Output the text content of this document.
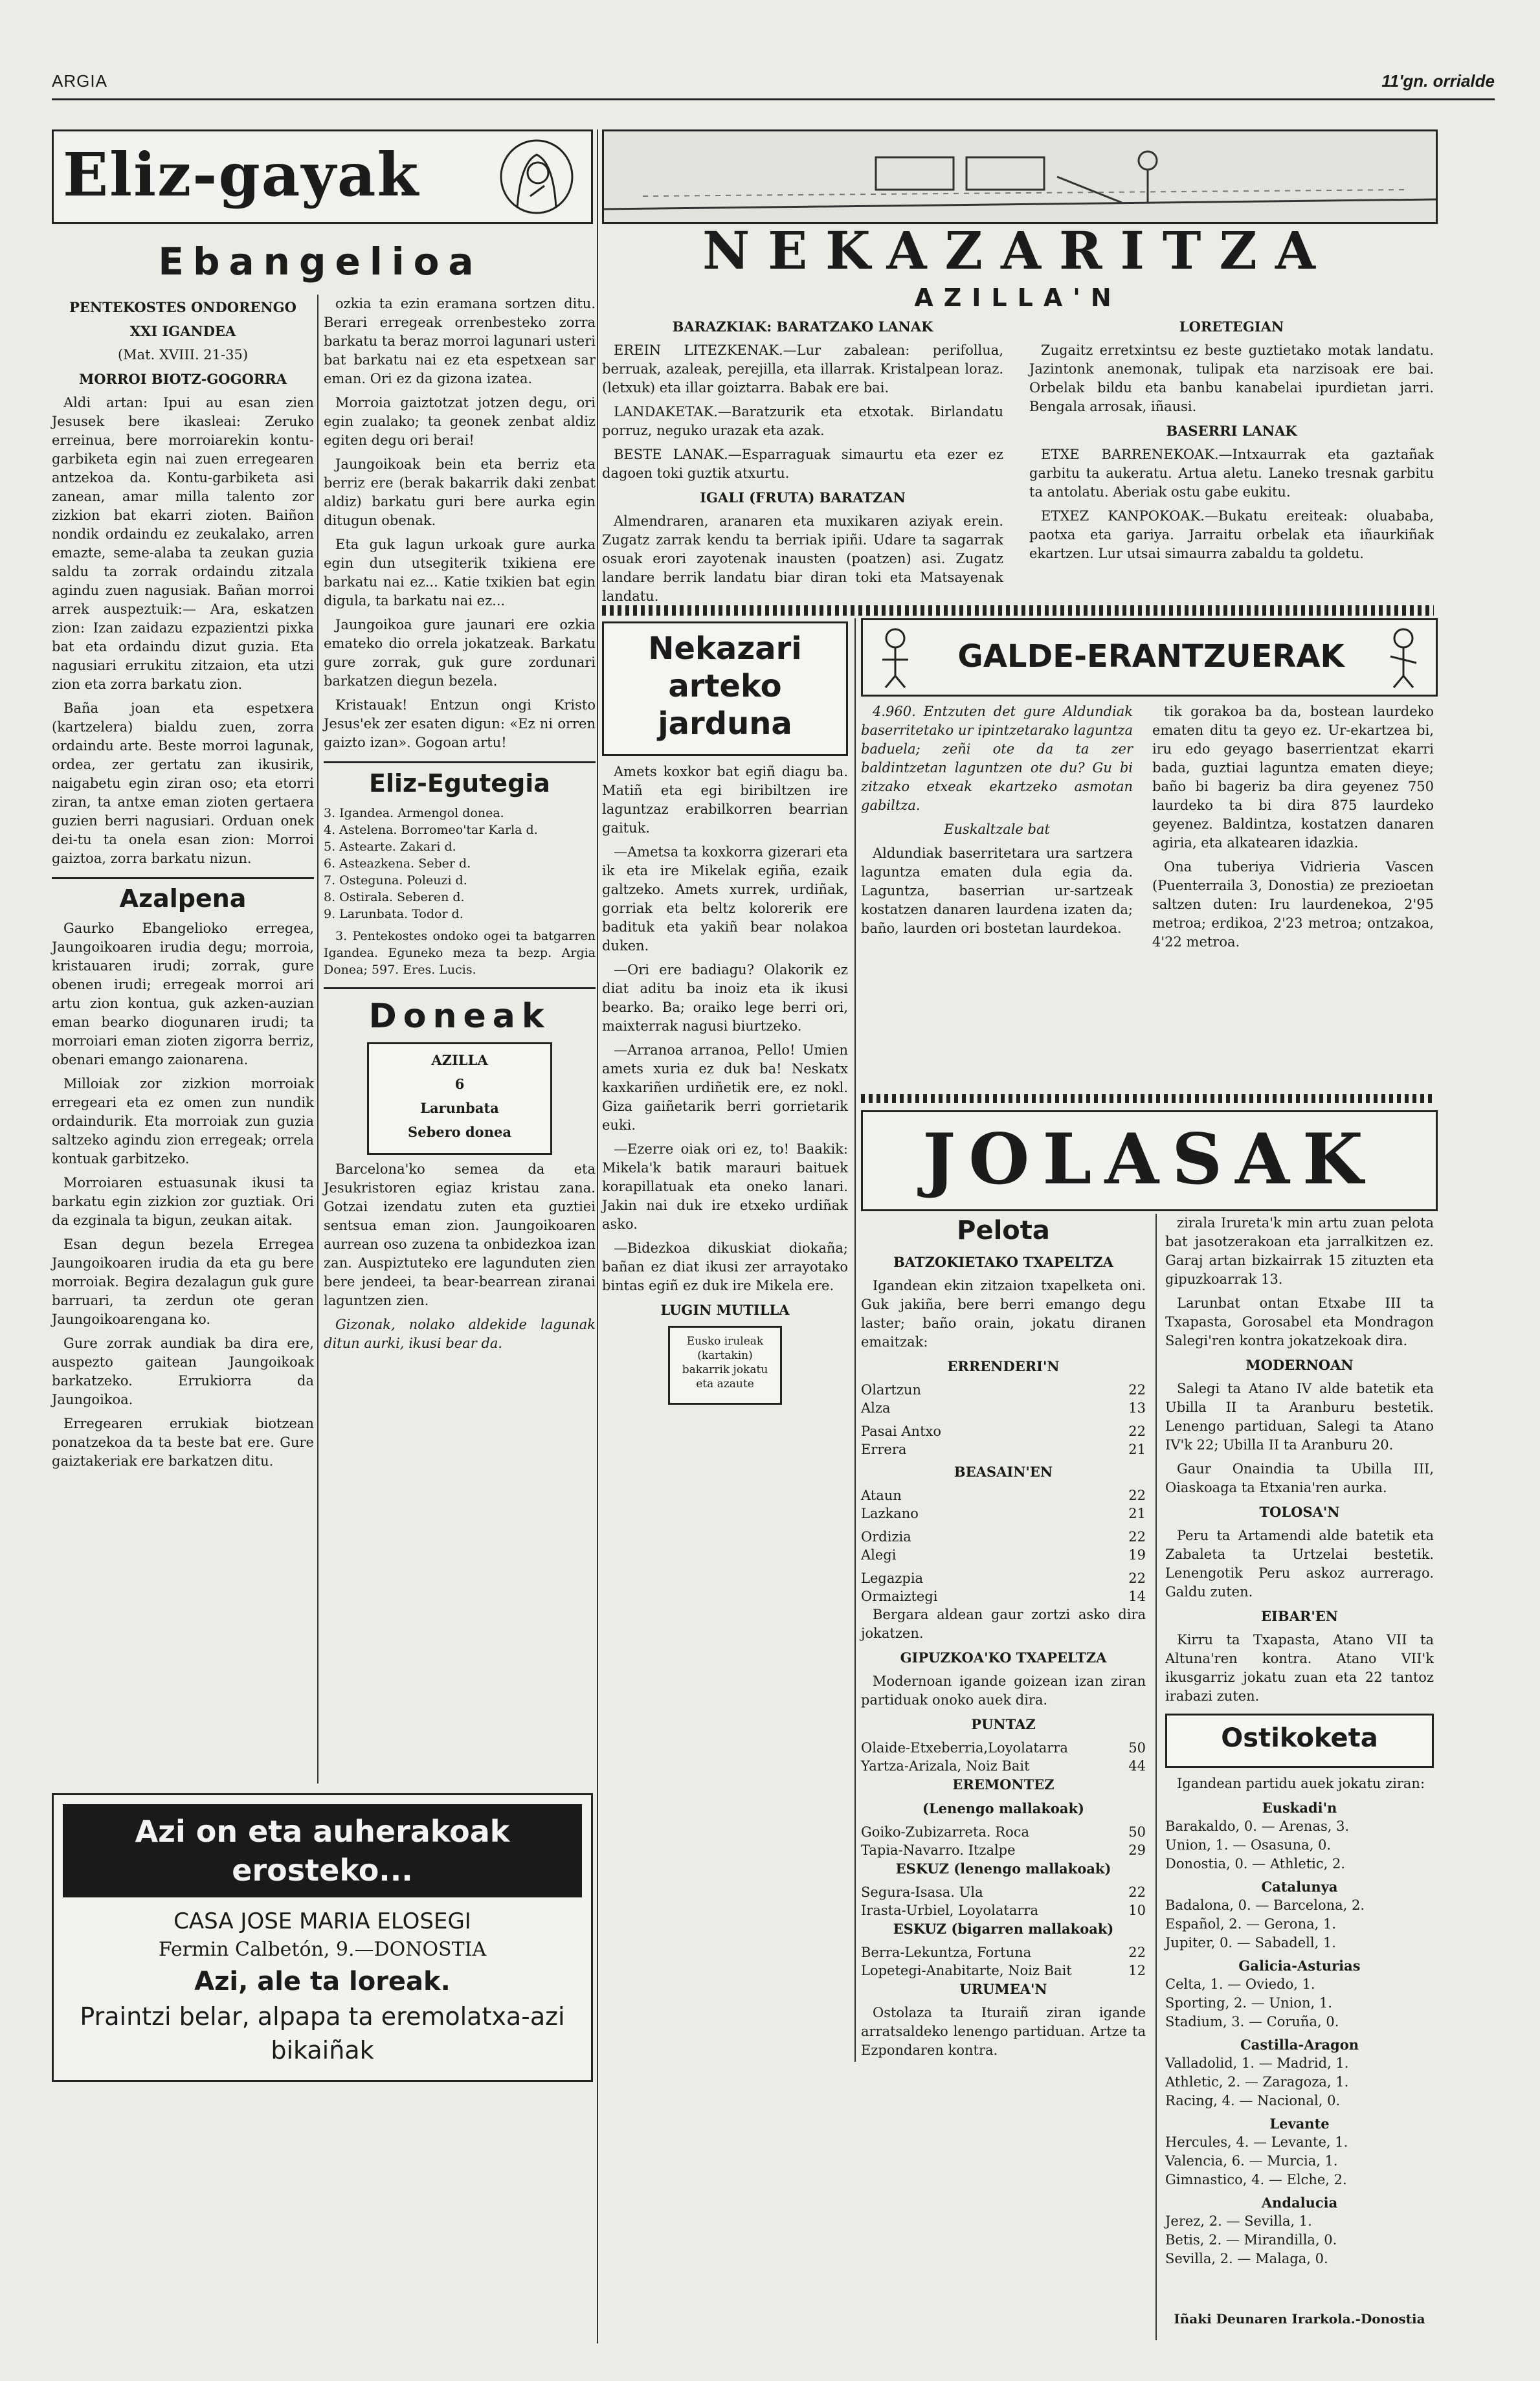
ARGIA	11'gn. orrialde
Eliz-gayak
Ebangelioa

PENTEKOSTES ONDORENGO

XXI IGANDEA

(Mat. XVIII. 21-35)

MORROI BIOTZ-GOGORRA

Aldi artan: Ipui au esan zien Jesusek bere ikasleai: Zeruko erreinua, bere morroiarekin kontu-garbiketa egin nai zuen erregearen antzekoa da. Kontu-garbiketa asi zanean, amar milla talento zor zizkion bat ekarri zioten. Baiñon nondik ordaindu ez zeukalako, arren emazte, seme-alaba ta zeukan guzia saldu ta zorrak ordaindu zitzala agindu zuen nagusiak. Bañan morroi arrek auspeztuik:— Ara, eskatzen zion: Izan zaidazu ezpazientzi pixka bat eta ordaindu dizut guzia. Eta nagusiari errukitu zitzaion, eta utzi zion eta zorra barkatu zion.

Baña joan eta espetxera (kartzelera) bialdu zuen, zorra ordaindu arte. Beste morroi lagunak, ordea, zer gertatu zan ikusirik, naigabetu egin ziran oso; eta etorri ziran, ta antxe eman zioten gertaera guzien berri nagusiari. Orduan onek dei-tu ta onela esan zion: Morroi gaiztoa, zorra barkatu nizun.

Azalpena

Gaurko Ebangelioko erregea, Jaungoikoaren irudia degu; morroia, kristauaren irudi; zorrak, gure obenen irudi; erregeak morroi ari artu zion kontua, guk azken-auzian eman bearko diogunaren irudi; ta morroiari eman zioten zigorra berriz, obenari emango zaionarena.

Milloiak zor zizkion morroiak erregeari eta ez omen zun nundik ordaindurik. Eta morroiak zun guzia saltzeko agindu zion erregeak; orrela kontuak garbitzeko.

Morroiaren estuasunak ikusi ta barkatu egin zizkion zor guztiak. Ori da ezginala ta bigun, zeukan aitak.

Esan degun bezela Erregea Jaungoikoaren irudia da eta gu bere morroiak. Begira dezalagun guk gure barruari, ta zerdun ote geran Jaungoikoarengana ko.

Gure zorrak aundiak ba dira ere, auspezto gaitean Jaungoikoak barkatzeko. Errukiorra da Jaungoikoa.

Erregearen errukiak biotzean ponatzekoa da ta beste bat ere. Gure gaiztakeriak ere barkatzen ditu.

ozkia ta ezin eramana sortzen ditu. Berari erregeak orrenbesteko zorra barkatu ta beraz morroi lagunari usteri bat barkatu nai ez eta espetxean sar eman. Ori ez da gizona izatea.

Morroia gaiztotzat jotzen degu, ori egin zualako; ta geonek zenbat aldiz egiten degu ori berai!

Jaungoikoak bein eta berriz eta berriz ere (berak bakarrik daki zenbat aldiz) barkatu guri bere aurka egin ditugun obenak.

Eta guk lagun urkoak gure aurka egin dun utsegiterik txikiena ere barkatu nai ez... Katie txikien bat egin digula, ta barkatu nai ez...

Jaungoikoa gure jaunari ere ozkia emateko dio orrela jokatzeak. Barkatu gure zorrak, guk gure zordunari barkatzen diegun bezela.

Kristauak! Entzun ongi Kristo Jesus'ek zer esaten digun: «Ez ni orren gaizto izan». Gogoan artu!

Eliz-Egutegia

3. Igandea. Armengol donea.
4. Astelena. Borromeo'tar Karla d.
5. Astearte. Zakari d.
6. Asteazkena. Seber d.
7. Osteguna. Poleuzi d.
8. Ostirala. Seberen d.
9. Larunbata. Todor d.

3. Pentekostes ondoko ogei ta batgarren Igandea. Eguneko meza ta bezp. Argia Donea; 597. Eres. Lucis.

Doneak

AZILLA

6

Larunbata

Sebero donea

Barcelona'ko semea da eta Jesukristoren egiaz kristau zana. Gotzai izendatu zuten eta guztiei sentsua eman zion. Jaungoikoaren aurrean oso zuzena ta onbidezkoa izan zan. Auspiztuteko ere lagunduten zien bere jendeei, ta bear-bearrean ziranai laguntzen zien.

Gizonak, nolako aldekide lagunak ditun aurki, ikusi bear da.

Azi on eta auherakoak erosteko...
CASA JOSE MARIA ELOSEGI
Fermin Calbetón, 9.—DONOSTIA
Azi, ale ta loreak.
Praintzi belar, alpapa ta eremolatxa-azi bikaiñak
NEKAZARITZA
AZILLA'N

BARAZKIAK: BARATZAKO LANAK

EREIN LITEZKENAK.—Lur zabalean: perifollua, berruak, azaleak, perejilla, eta illarrak. Kristalpean loraz. (letxuk) eta illar goiztarra. Babak ere bai.

LANDAKETAK.—Baratzurik eta etxotak. Birlandatu porruz, neguko urazak eta azak.

BESTE LANAK.—Esparraguak simaurtu eta ezer ez dagoen toki guztik atxurtu.

IGALI (FRUTA) BARATZAN

Almendraren, aranaren eta muxikaren aziyak erein. Zugatz zarrak kendu ta berriak ipiñi. Udare ta sagarrak osuak erori zayotenak inausten (poatzen) asi. Zugatz landare berrik landatu biar diran toki eta Matsayenak landatu.

LORETEGIAN

Zugaitz erretxintsu ez beste guztietako motak landatu. Jazintonk anemonak, tulipak eta narzisoak ere bai. Orbelak bildu eta banbu kanabelai ipurdietan jarri. Bengala arrosak, iñausi.

BASERRI LANAK

ETXE BARRENEKOAK.—Intxaurrak eta gaztañak garbitu ta aukeratu. Artua aletu. Laneko tresnak garbitu ta antolatu. Aberiak ostu gabe eukitu.

ETXEZ KANPOKOAK.—Bukatu ereiteak: oluababa, paotxa eta gariya. Jarraitu orbelak eta iñaurkiñak ekartzen. Lur utsai simaurra zabaldu ta goldetu.

Nekazari arteko jarduna

Amets koxkor bat egiñ diagu ba. Matiñ eta egi biribiltzen ire laguntzaz erabilkorren bearrian gaituk.

—Ametsa ta koxkorra gizerari eta ik eta ire Mikelak egiña, ezaik galtzeko. Amets xurrek, urdiñak, gorriak eta beltz kolorerik ere badituk eta yakiñ bear nolakoa duken.

—Ori ere badiagu? Olakorik ez diat aditu ba inoiz eta ik ikusi bearko. Ba; oraiko lege berri ori, maixterrak nagusi biurtzeko.

—Arranoa arranoa, Pello! Umien amets xuria ez duk ba! Neskatx kaxkariñen urdiñetik ere, ez nokl. Giza gaiñetarik berri gorrietarik euki.

—Ezerre oiak ori ez, to! Baakik: Mikela'k batik marauri baituek korapillatuak eta oneko lanari. Jakin nai duk ire etxeko urdiñak asko.

—Bidezkoa dikuskiat diokaña; bañan ez diat ikusi zer arrayotako bintas egiñ ez duk ire Mikela ere.

LUGIN MUTILLA

Eusko iruleak (kartakin) bakarrik jokatu eta azaute

GALDE-ERANTZUERAK

4.960. Entzuten det gure Aldundiak baserritetako ur ipintzetarako laguntza baduela; zeñi ote da ta zer baldintzetan laguntzen ote du? Gu bi zitzako etxeak ekartzeko asmotan gabiltza.

Euskaltzale bat

Aldundiak baserritetara ura sartzera laguntza ematen dula egia da. Laguntza, baserrian ur-sartzeak kostatzen danaren laurdena izaten da; baño, laurden ori bostetan laurdekoa.

tik gorakoa ba da, bostean laurdeko ematen ditu ta geyo ez. Ur-ekartzea bi, iru edo geyago baserrientzat ekarri bada, guztiai laguntza ematen dieye; baño bi bageriz ba dira geyenez 750 laurdeko ta bi dira 875 laurdeko geyenez. Baldintza, kostatzen danaren agiria, eta alkatearen idazkia.

Ona tuberiya Vidrieria Vascen (Puenterraila 3, Donostia) ze prezioetan saltzen duten: Iru laurdenekoa, 2'95 metroa; erdikoa, 2'23 metroa; ontzakoa, 4'22 metroa.

JOLASAK

Pelota

BATZOKIETAKO TXAPELTZA

Igandean ekin zitzaion txapelketa oni. Guk jakiña, bere berri emango degu laster; baño orain, jokatu diranen emaitzak:

ERRENDERI'N

Olartzun	22
Alza	13
Pasai Antxo	22
Errera	21

BEASAIN'EN

Ataun	22
Lazkano	21
Ordizia	22
Alegi	19
Legazpia	22
Ormaiztegi	14

Bergara aldean gaur zortzi asko dira jokatzen.

GIPUZKOA'KO TXAPELTZA

Modernoan igande goizean izan ziran partiduak onoko auek dira.

PUNTAZ

Olaide-Etxeberria,Loyolatarra	50
Yartza-Arizala, Noiz Bait	44

EREMONTEZ

(Lenengo mallakoak)

Goiko-Zubizarreta. Roca	50
Tapia-Navarro. Itzalpe	29

ESKUZ (lenengo mallakoak)

Segura-Isasa. Ula	22
Irasta-Urbiel, Loyolatarra	10

ESKUZ (bigarren mallakoak)

Berra-Lekuntza, Fortuna	22
Lopetegi-Anabitarte, Noiz Bait	12

URUMEA'N

Ostolaza ta Ituraiñ ziran igande arratsaldeko lenengo partiduan. Artze ta Ezpondaren kontra.

zirala Irureta'k min artu zuan pelota bat jasotzerakoan eta jarralkitzen ez. Garaj artan bizkairrak 15 zituzten eta gipuzkoarrak 13.

Larunbat ontan Etxabe III ta Txapasta, Gorosabel eta Mondragon Salegi'ren kontra jokatzekoak dira.

MODERNOAN

Salegi ta Atano IV alde batetik eta Ubilla II ta Aranburu bestetik. Lenengo partiduan, Salegi ta Atano IV'k 22; Ubilla II ta Aranburu 20.

Gaur Onaindia ta Ubilla III, Oiaskoaga ta Etxania'ren aurka.

TOLOSA'N

Peru ta Artamendi alde batetik eta Zabaleta ta Urtzelai bestetik. Lenengotik Peru askoz aurrerago. Galdu zuten.

EIBAR'EN

Kirru ta Txapasta, Atano VII ta Altuna'ren kontra. Atano VII'k ikusgarriz jokatu zuan eta 22 tantoz irabazi zuten.

Ostikoketa

Igandean partidu auek jokatu ziran:

Euskadi'n
Barakaldo, 0. — Arenas, 3.
Union, 1. — Osasuna, 0.
Donostia, 0. — Athletic, 2.
Catalunya
Badalona, 0. — Barcelona, 2.
Español, 2. — Gerona, 1.
Jupiter, 0. — Sabadell, 1.
Galicia-Asturias
Celta, 1. — Oviedo, 1.
Sporting, 2. — Union, 1.
Stadium, 3. — Coruña, 0.
Castilla-Aragon
Valladolid, 1. — Madrid, 1.
Athletic, 2. — Zaragoza, 1.
Racing, 4. — Nacional, 0.
Levante
Hercules, 4. — Levante, 1.
Valencia, 6. — Murcia, 1.
Gimnastico, 4. — Elche, 2.
Andalucia
Jerez, 2. — Sevilla, 1.
Betis, 2. — Mirandilla, 0.
Sevilla, 2. — Malaga, 0.
Iñaki Deunaren Irarkola.-Donostia
